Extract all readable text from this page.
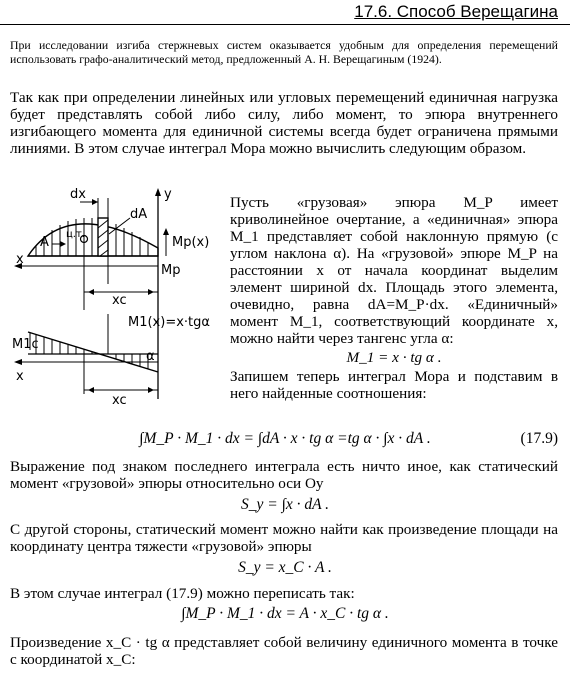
17.6. Способ Верещагина
При исследовании изгиба стержневых систем оказывается удобным для определения перемещений использовать графо-аналитический метод, предложенный А. Н. Верещагиным (1924).
Так как при определении линейных или угловых перемещений единичная нагрузка будет представлять собой либо силу, либо момент, то эпюра внутреннего изгибающего момента для единичной системы всегда будет ограничена прямыми линиями. В этом случае интеграл Мора можно вычислить следующим образом.
dx
dA
y
A
ц.т.
x
Mp(x)
Mp
xc
M1c
M1(x)=x·tgα
α
x
xc
Пусть «грузовая» эпюра M_P имеет криволинейное очертание, а «единичная» эпюра M_1 представляет собой наклонную прямую (с углом наклона α). На «грузовой» эпюре M_P на расстоянии x от начала координат выделим элемент шириной dx. Площадь этого элемента, очевидно, равна dA=M_P·dx. «Единичный» момент M_1, соответствующий координате x, можно найти через тангенс угла α:
M_1 = x · tg α .
Запишем теперь интеграл Мора и подставим в него найденные соотношения:
∫M_P · M_1 · dx = ∫dA · x · tg α =tg α · ∫x · dA .	(17.9)
Выражение под знаком последнего интеграла есть ничто иное, как статический момент «грузовой» эпюры относительно оси Oy
S_y = ∫x · dA .
С другой стороны, статический момент можно найти как произведение площади на координату центра тяжести «грузовой» эпюры
S_y = x_C · A .
В этом случае интеграл (17.9) можно переписать так:
∫M_P · M_1 · dx = A · x_C · tg α .
Произведение x_C · tg α представляет собой величину единичного момента в точке с координатой x_C:
